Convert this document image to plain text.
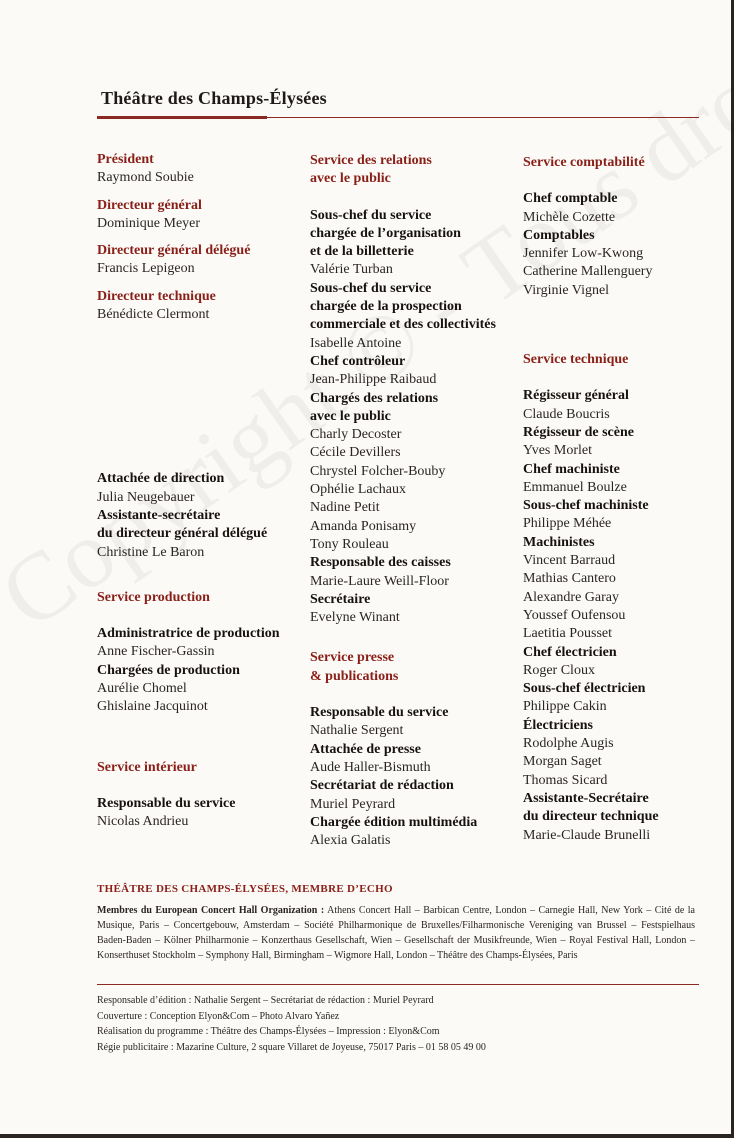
Théâtre des Champs-Élysées
Président
Raymond Soubie
Directeur général
Dominique Meyer
Directeur général délégué
Francis Lepigeon
Directeur technique
Bénédicte Clermont
Attachée de direction
Julia Neugebauer
Assistante-secrétaire
du directeur général délégué
Christine Le Baron
Service production
Administratrice de production
Anne Fischer-Gassin
Chargées de production
Aurélie Chomel
Ghislaine Jacquinot
Service intérieur
Responsable du service
Nicolas Andrieu
Service des relations
avec le public
Sous-chef du service
chargée de l’organisation
et de la billetterie
Valérie Turban
Sous-chef du service
chargée de la prospection
commerciale et des collectivités
Isabelle Antoine
Chef contrôleur
Jean-Philippe Raibaud
Chargés des relations
avec le public
Charly Decoster
Cécile Devillers
Chrystel Folcher-Bouby
Ophélie Lachaux
Nadine Petit
Amanda Ponisamy
Tony Rouleau
Responsable des caisses
Marie-Laure Weill-Floor
Secrétaire
Evelyne Winant
Service presse
& publications
Responsable du service
Nathalie Sergent
Attachée de presse
Aude Haller-Bismuth
Secrétariat de rédaction
Muriel Peyrard
Chargée édition multimédia
Alexia Galatis
Service comptabilité
Chef comptable
Michèle Cozette
Comptables
Jennifer Low-Kwong
Catherine Mallenguery
Virginie Vignel
Service technique
Régisseur général
Claude Boucris
Régisseur de scène
Yves Morlet
Chef machiniste
Emmanuel Boulze
Sous-chef machiniste
Philippe Méhée
Machinistes
Vincent Barraud
Mathias Cantero
Alexandre Garay
Youssef Oufensou
Laetitia Pousset
Chef électricien
Roger Cloux
Sous-chef électricien
Philippe Cakin
Électriciens
Rodolphe Augis
Morgan Saget
Thomas Sicard
Assistante-Secrétaire
du directeur technique
Marie-Claude Brunelli
THÉÂTRE DES CHAMPS-ÉLYSÉES, MEMBRE D’ECHO
Membres du European Concert Hall Organization : Athens Concert Hall – Barbican Centre, London – Carnegie Hall, New York – Cité de la Musique, Paris – Concertgebouw, Amsterdam – Société Philharmonique de Bruxelles/Filharmonische Vereniging van Brussel – Festspielhaus Baden-Baden – Kölner Philharmonie – Konzerthaus Gesellschaft, Wien – Gesellschaft der Musikfreunde, Wien – Royal Festival Hall, London – Konserthuset Stockholm – Symphony Hall, Birmingham – Wigmore Hall, London – Théâtre des Champs-Élysées, Paris
Responsable d’édition : Nathalie Sergent – Secrétariat de rédaction : Muriel Peyrard
Couverture : Conception Elyon&Com – Photo Alvaro Yañez
Réalisation du programme : Théâtre des Champs-Élysées – Impression : Elyon&Com
Régie publicitaire : Mazarine Culture, 2 square Villaret de Joyeuse, 75017 Paris – 01 58 05 49 00
